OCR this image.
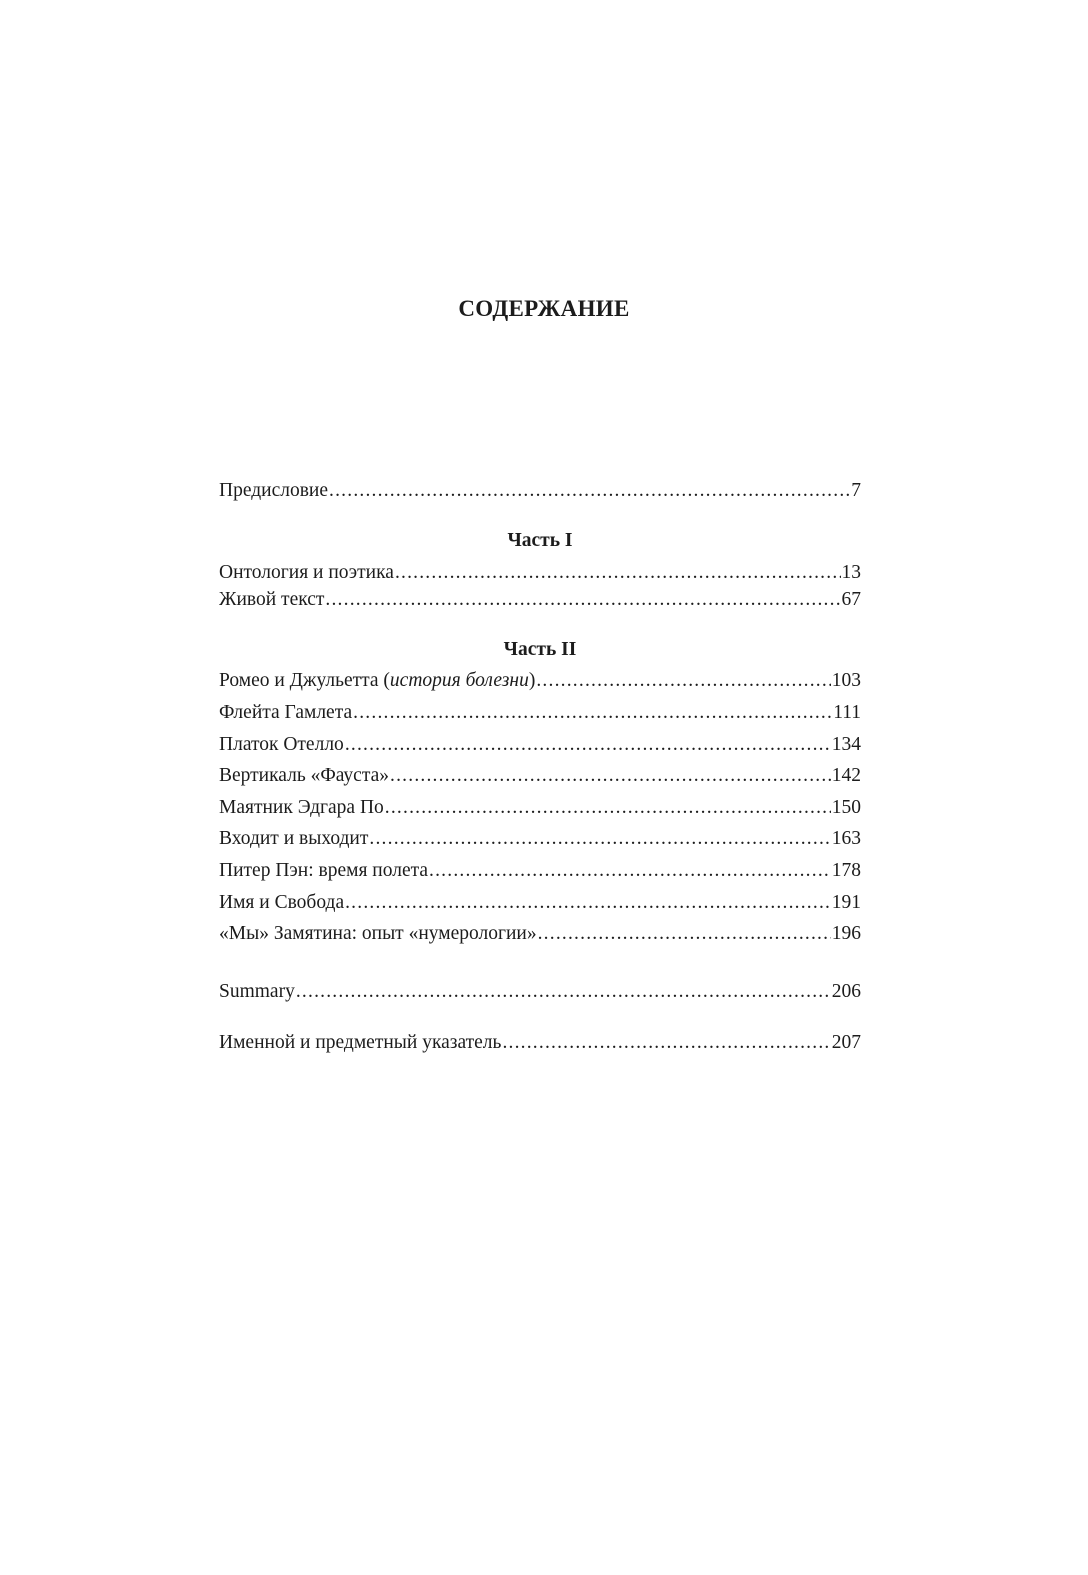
СОДЕРЖАНИЕ
Предисловие .....	7
Часть I
Онтология и поэтика .....	13
Живой текст .....	67
Часть II
Ромео и Джульетта (история болезни) .....	103
Флейта Гамлета .....	111
Платок Отелло .....	134
Вертикаль «Фауста» .....	142
Маятник Эдгара По .....	150
Входит и выходит .....	163
Питер Пэн: время полета .....	178
Имя и Свобода .....	191
«Мы» Замятина: опыт «нумерологии» .....	196
Summary .....	206
Именной и предметный указатель .....	207
